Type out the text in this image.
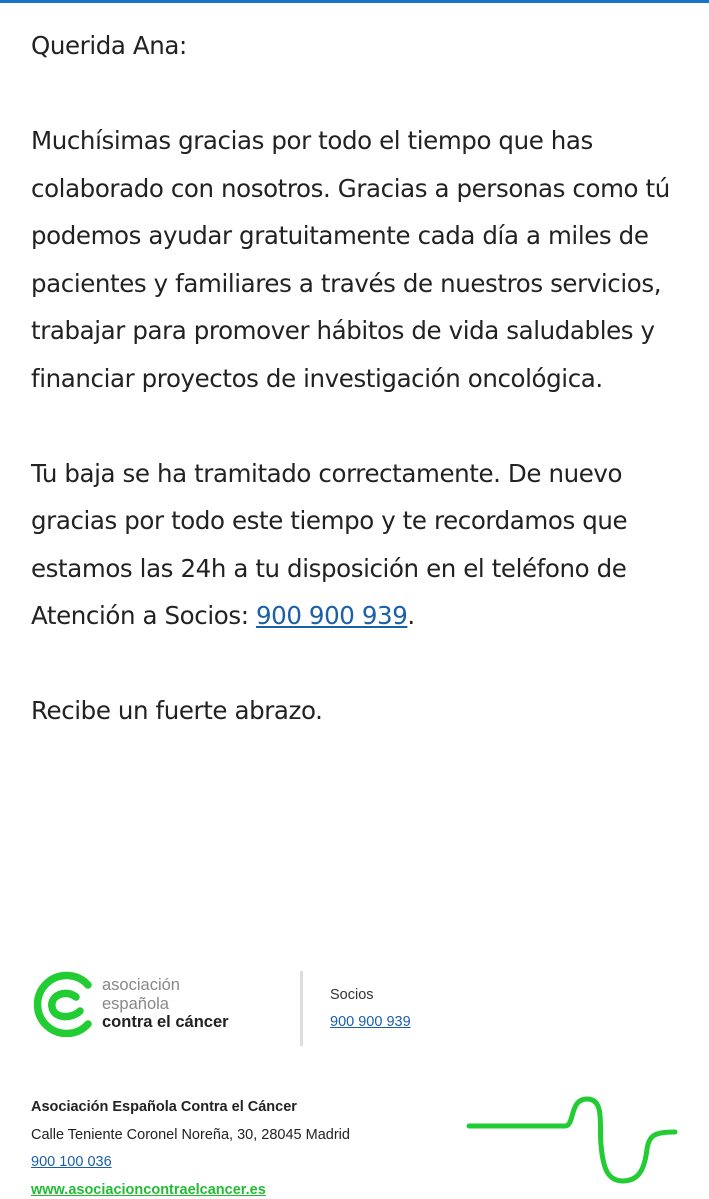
Querida Ana:

Muchísimas gracias por todo el tiempo que has colaborado con nosotros. Gracias a personas como tú podemos ayudar gratuitamente cada día a miles de pacientes y familiares a través de nuestros servicios, trabajar para promover hábitos de vida saludables y financiar proyectos de investigación oncológica.

Tu baja se ha tramitado correctamente. De nuevo gracias por todo este tiempo y te recordamos que estamos las 24h a tu disposición en el teléfono de Atención a Socios: 900 900 939.

Recibe un fuerte abrazo.

asociación
española
contra el cáncer
Socios
900 900 939
Asociación Española Contra el Cáncer
Calle Teniente Coronel Noreña, 30, 28045 Madrid
900 100 036
www.asociacioncontraelcancer.es
